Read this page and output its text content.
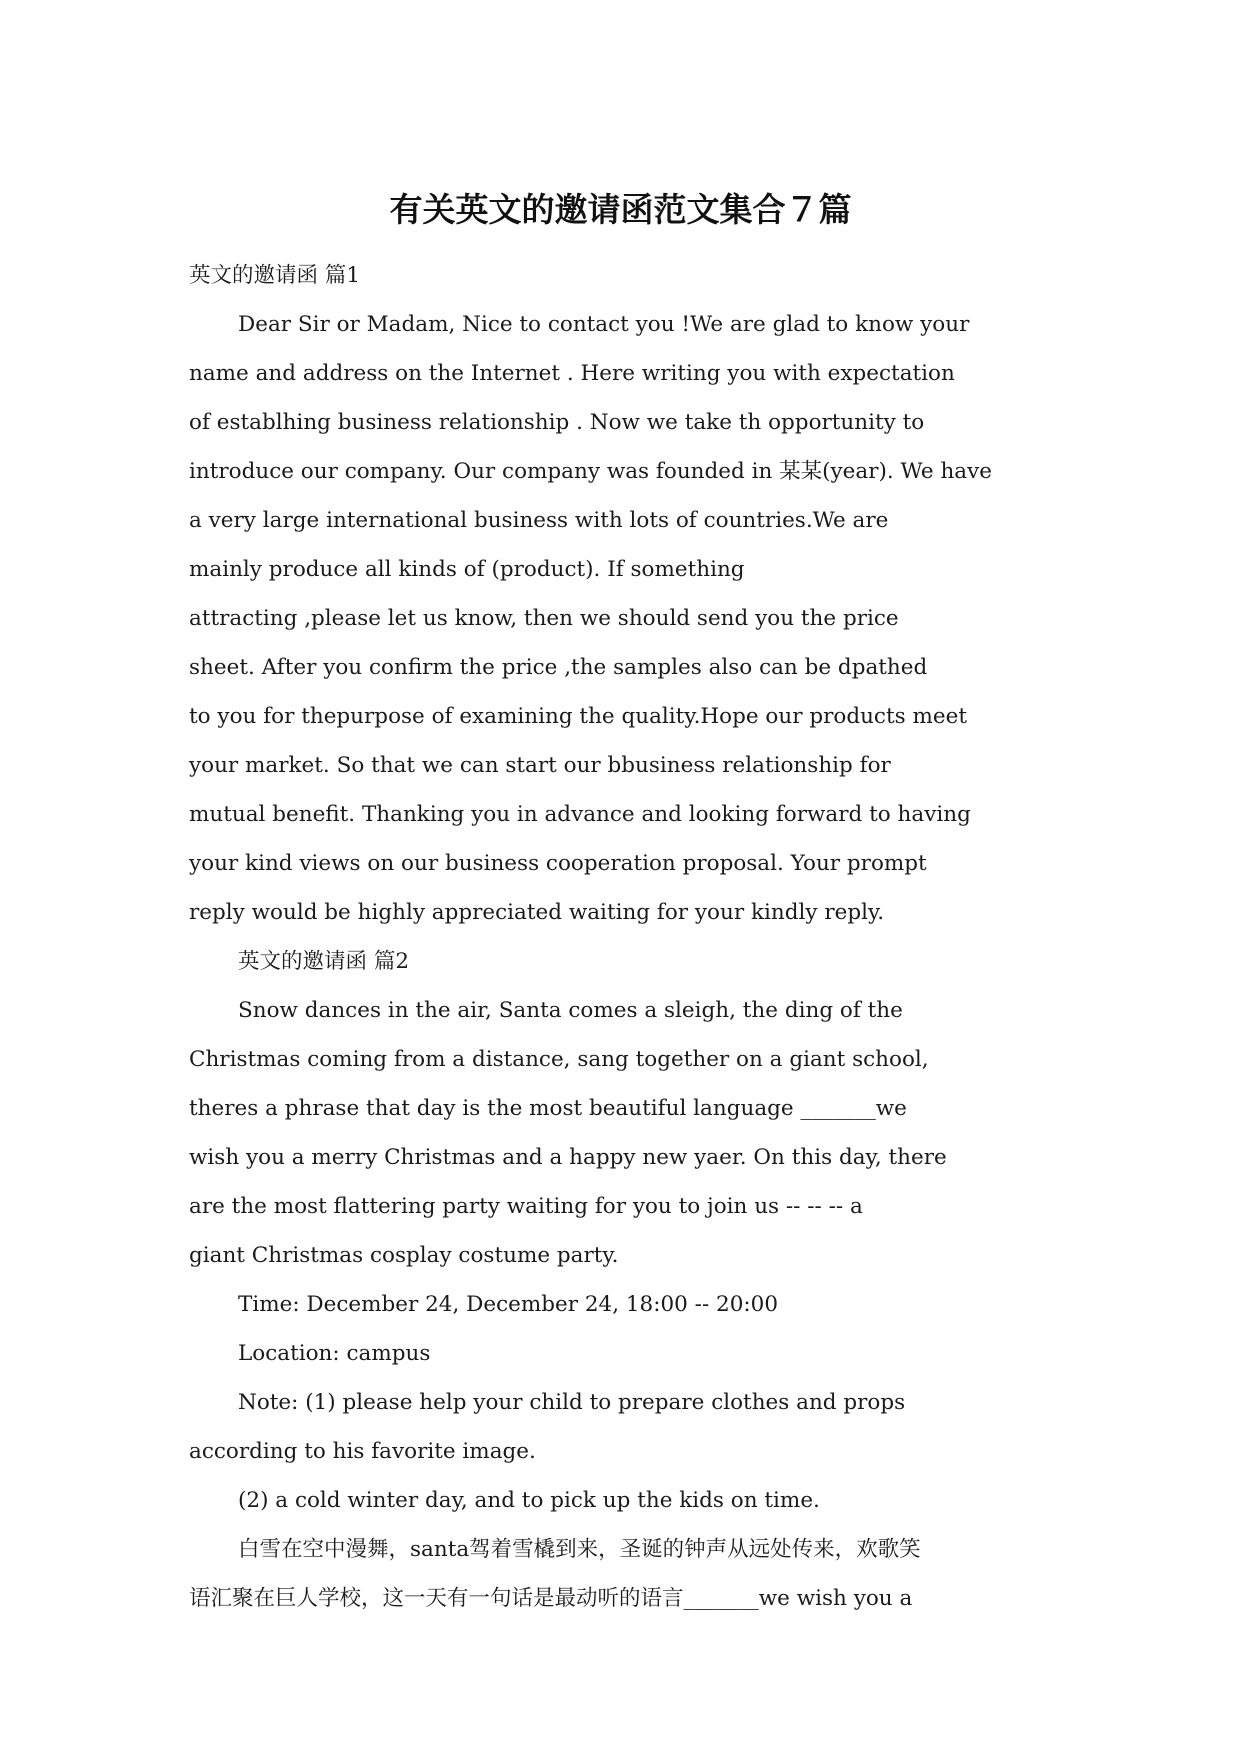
有关英文的邀请函范文集合７篇

英文的邀请函 篇1

Dear Sir or Madam, Nice to contact you !We are glad to know your

name and address on the Internet . Here writing you with expectation

of establhing business relationship . Now we take th opportunity to

introduce our company. Our company was founded in 某某(year). We have

a very large international business with lots of countries.We are

mainly produce all kinds of (product). If something

attracting ,please let us know, then we should send you the price

sheet. After you confirm the price ,the samples also can be dpathed

to you for thepurpose of examining the quality.Hope our products meet

your market. So that we can start our bbusiness relationship for

mutual benefit. Thanking you in advance and looking forward to having

your kind views on our business cooperation proposal. Your prompt

reply would be highly appreciated waiting for your kindly reply.

英文的邀请函 篇2

Snow dances in the air, Santa comes a sleigh, the ding of the

Christmas coming from a distance, sang together on a giant school,

theres a phrase that day is the most beautiful language _______we

wish you a merry Christmas and a happy new yaer. On this day, there

are the most flattering party waiting for you to join us -- -- -- a

giant Christmas cosplay costume party.

Time: December 24, December 24, 18:00 -- 20:00

Location: campus

Note: (1) please help your child to prepare clothes and props

according to his favorite image.

(2) a cold winter day, and to pick up the kids on time.

白雪在空中漫舞，santa驾着雪橇到来，圣诞的钟声从远处传来，欢歌笑

语汇聚在巨人学校，这一天有一句话是最动听的语言_______we wish you a
